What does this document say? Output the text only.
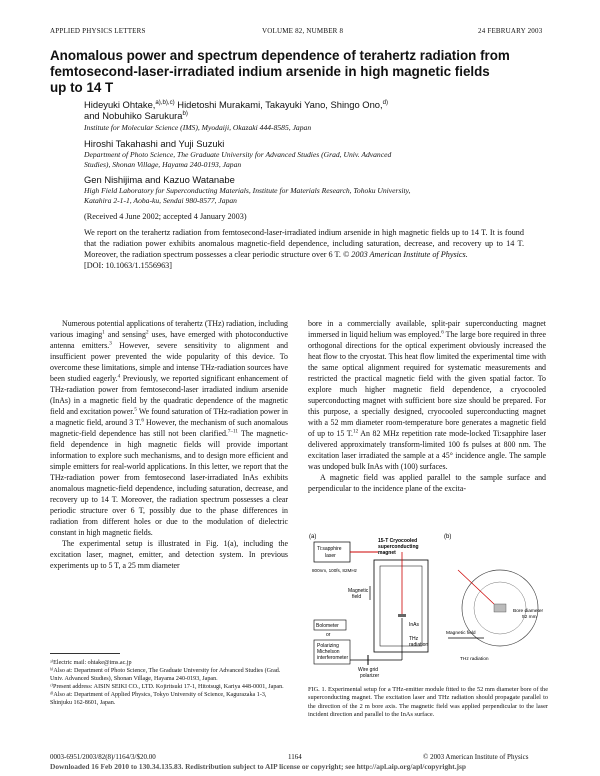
APPLIED PHYSICS LETTERS	VOLUME 82, NUMBER 8	24 FEBRUARY 2003
Anomalous power and spectrum dependence of terahertz radiation from
femtosecond-laser-irradiated indium arsenide in high magnetic fields
up to 14 T
Hideyuki Ohtake,$^{a),b),c)}$ Hidetoshi Murakami, Takayuki Yano, Shingo Ono,$^{d)}$
and Nobuhiko Sarukura$^{b)}$
Institute for Molecular Science (IMS), Myodaiji, Okazaki 444-8585, Japan
Hiroshi Takahashi and Yuji Suzuki
Department of Photo Science, The Graduate University for Advanced Studies (Grad, Univ. Advanced
Studies), Shonan Village, Hayama 240-0193, Japan
Gen Nishijima and Kazuo Watanabe
High Field Laboratory for Superconducting Materials, Institute for Materials Research, Tohoku University,
Katahira 2-1-1, Aoba-ku, Sendai 980-8577, Japan
(Received 4 June 2002; accepted 4 January 2003)
We report on the terahertz radiation from femtosecond-laser-irradiated indium arsenide in high magnetic fields up to 14 T. It is found that the radiation power exhibits anomalous magnetic-field dependence, including saturation, decrease, and recovery up to 14 T. Moreover, the radiation spectrum possesses a clear periodic structure over 6 T. © 2003 American Institute of Physics.
[DOI: 10.1063/1.1556963]

Numerous potential applications of terahertz (THz) radiation, including various imaging$^1$ and sensing$^2$ uses, have emerged with photoconductive antenna emitters.$^3$ However, severe sensitivity to alignment and insufficient power prevented the wide popularity of this device. To overcome these limitations, simple and intense THz-radiation sources have been studied eagerly.$^4$ Previously, we reported significant enhancement of THz-radiation power from femtosecond-laser irradiated indium arsenide (InAs) in a magnetic field by the quadratic dependence of the magnetic field and excitation power.$^5$ We found saturation of THz-radiation power in a magnetic field, around 3 T.$^6$ However, the mechanism of such anomalous magnetic-field dependence has still not been clarified.$^{7-11}$ The magnetic-field dependence in high magnetic fields will provide important information to explore such mechanisms, and to design more efficient and simple emitters for real-world applications. In this letter, we report that the THz-radiation power from femtosecond laser-irradiated InAs exhibits anomalous magnetic-field dependence, including saturation, decrease, and recovery up to 14 T. Moreover, the radiation spectrum possesses a clear periodic structure over 6 T, possibly due to the phase differences in radiation from different holes or due to the modulation of dielectric constant in high magnetic fields.

The experimental setup is illustrated in Fig. 1(a), including the excitation laser, magnet, emitter, and detection system. In previous experiments up to 5 T, a 25 mm diameter

ᵃ⁾Electric mail: ohtake@ims.ac.jp
ᵇ⁾Also at: Department of Photo Science, The Graduate University for Advanced Studies (Grad. Univ. Advanced Studies), Shonan Village, Hayama 240-0193, Japan.
ᶜ⁾Present address: AISIN SEIKI CO., LTD. Kojiritsuki 17-1, Hitotsugi, Kariya 448-0001, Japan.
ᵈ⁾Also at: Department of Applied Physics, Tokyo University of Science, Kagurazaka 1-3, Shinjuku 162-8601, Japan.

bore in a commercially available, split-pair superconducting magnet immersed in liquid helium was employed.$^6$ The large bore required in three orthogonal directions for the optical experiment obviously increased the heat flow to the cryostat. This heat flow limited the experimental time with the same optical alignment required for systematic measurements and restricted the practical magnetic field with the given spatial factor. To explore much higher magnetic field dependence, a cryocooled superconducting magnet with sufficient bore size should be prepared. For this purpose, a specially designed, cryocooled superconducting magnet with a 52 mm diameter room-temperature bore generates a magnetic field of up to 15 T.$^{12}$ An 82 MHz repetition rate mode-locked Ti:sapphire laser delivered approximately transform-limited 100 fs pulses at 800 nm. The excitation laser irradiated the sample at a 45° incidence angle. The sample was undoped bulk InAs with (100) surfaces.

A magnetic field was applied parallel to the sample surface and perpendicular to the incidence plane of the excita-

(a)
Ti:sapphire
laser
800nm, 100fs, 82MHz
15-T Cryocooled
superconducting
magnet
InAs
THz
radiation
Magnetic
field
Bolometer
or
Polarizing
Michelson
interferometer
Wire grid
polarizer
(b)
Bore diameter
52 mm
Magnetic field
THz radiation
FIG. 1. Experimental setup for a THz-emitter module fitted to the 52 mm diameter bore of the superconducting magnet. The excitation laser and THz radiation should propagate parallel to the direction of the 2 m bore axis. The magnetic field was applied perpendicular to the laser incident direction and parallel to the InAs surface.
0003-6951/2003/82(8)/1164/3/$20.00	1164	© 2003 American Institute of Physics
Downloaded 16 Feb 2010 to 130.34.135.83. Redistribution subject to AIP license or copyright; see http://apl.aip.org/apl/copyright.jsp
